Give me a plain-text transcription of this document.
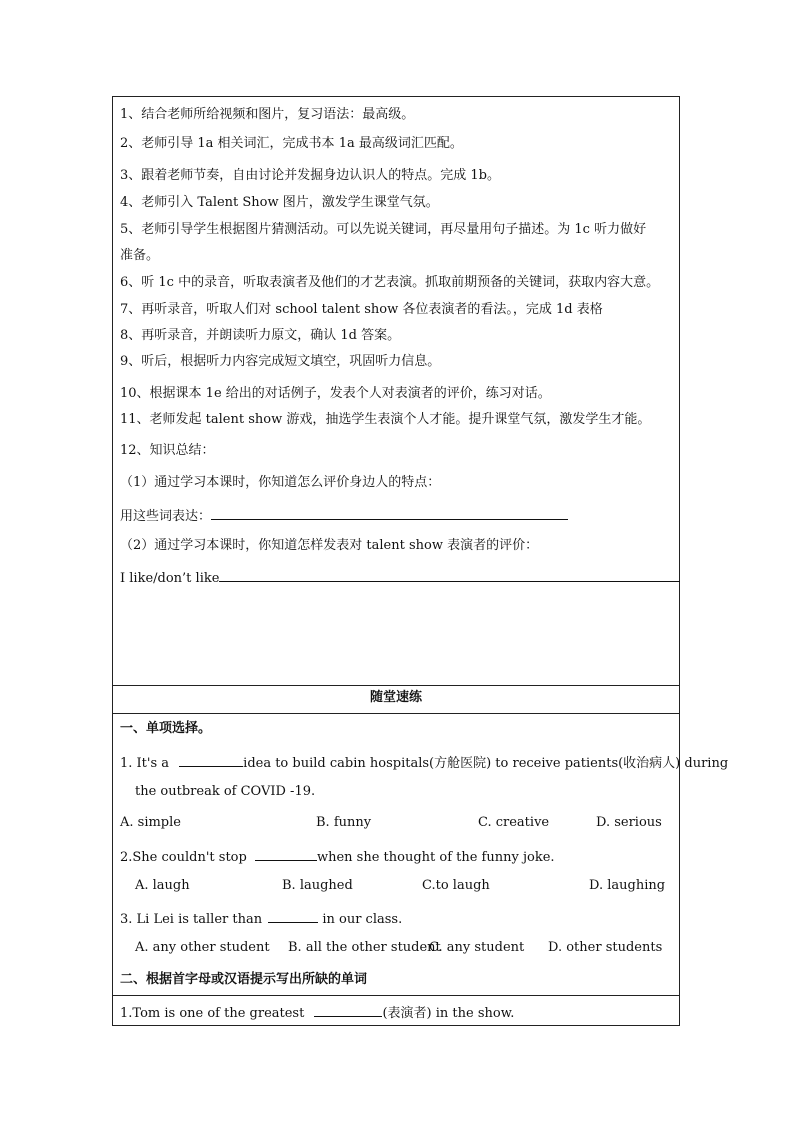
1、结合老师所给视频和图片，复习语法：最高级。
2、老师引导 1a 相关词汇，完成书本 1a 最高级词汇匹配。
3、跟着老师节奏，自由讨论并发掘身边认识人的特点。完成 1b。
4、老师引入 Talent Show 图片，激发学生课堂气氛。
5、老师引导学生根据图片猜测活动。可以先说关键词，再尽量用句子描述。为 1c 听力做好
准备。
6、听 1c 中的录音，听取表演者及他们的才艺表演。抓取前期预备的关键词，获取内容大意。
7、再听录音，听取人们对 school talent show 各位表演者的看法。，完成 1d 表格
8、再听录音，并朗读听力原文，确认 1d 答案。
9、听后，根据听力内容完成短文填空，巩固听力信息。
10、根据课本 1e 给出的对话例子，发表个人对表演者的评价，练习对话。
11、老师发起 talent show 游戏，抽选学生表演个人才能。提升课堂气氛，激发学生才能。
12、知识总结：
（1）通过学习本课时，你知道怎么评价身边人的特点：
用这些词表达：
（2）通过学习本课时，你知道怎样发表对 talent show 表演者的评价：
I like/don’t like
随堂速练
一、单项选择。
1. It's a	idea to build cabin hospitals(方舱医院) to receive patients(收治病人) during
the outbreak of COVID -19.
A. simple	B. funny	C. creative	D. serious
2.She couldn't stop	when she thought of the funny joke.
A. laugh	B. laughed	C.to laugh	D. laughing
3. Li Lei is taller than	in our class.
A. any other student B. all the other student
C. any student D. other students
二、根据首字母或汉语提示写出所缺的单词
1.Tom is one of the greatest	(表演者) in the show.
